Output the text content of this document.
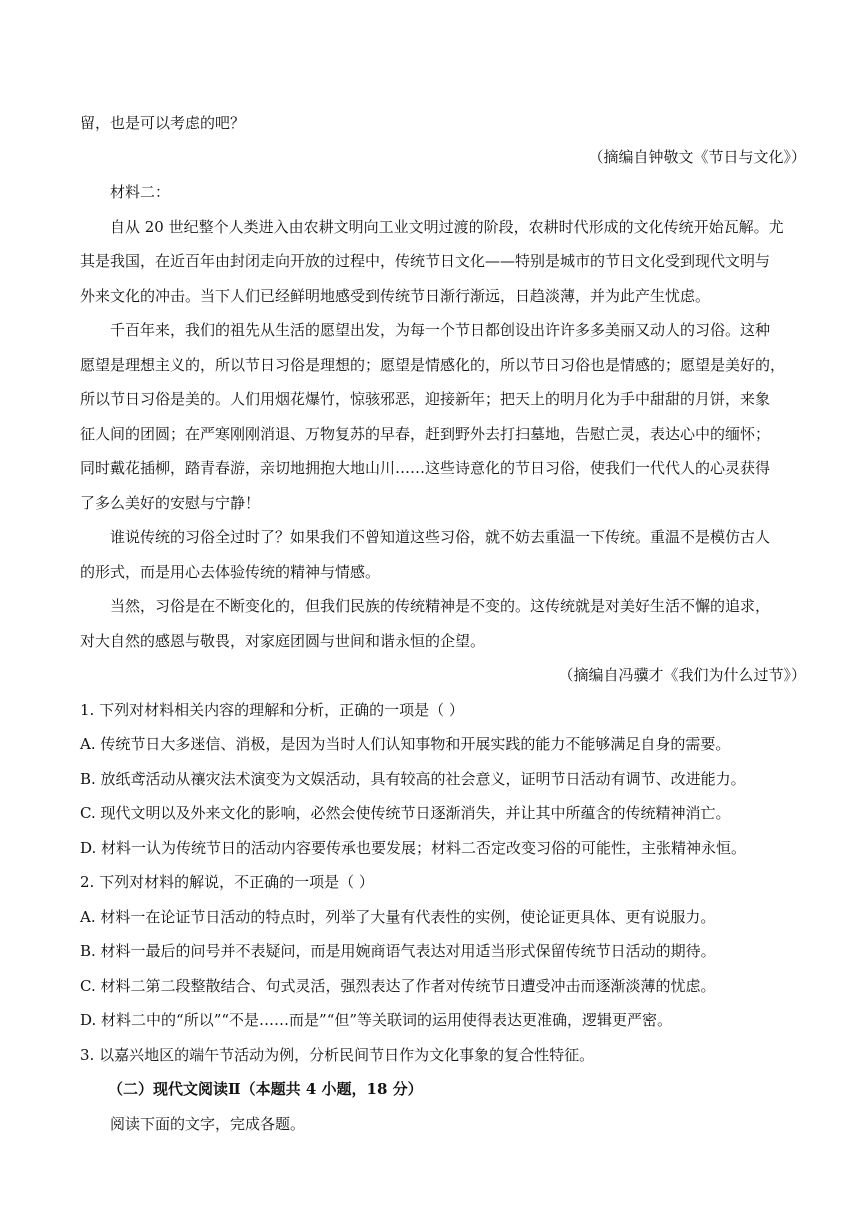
留，也是可以考虑的吧？
（摘编自钟敬文《节日与文化》）
材料二：
自从 20 世纪整个人类进入由农耕文明向工业文明过渡的阶段，农耕时代形成的文化传统开始瓦解。尤
其是我国，在近百年由封闭走向开放的过程中，传统节日文化——特别是城市的节日文化受到现代文明与
外来文化的冲击。当下人们已经鲜明地感受到传统节日渐行渐远，日趋淡薄，并为此产生忧虑。
千百年来，我们的祖先从生活的愿望出发，为每一个节日都创设出许许多多美丽又动人的习俗。这种
愿望是理想主义的，所以节日习俗是理想的；愿望是情感化的，所以节日习俗也是情感的；愿望是美好的，
所以节日习俗是美的。人们用烟花爆竹，惊骇邪恶，迎接新年；把天上的明月化为手中甜甜的月饼，来象
征人间的团圆；在严寒刚刚消退、万物复苏的早春，赶到野外去打扫墓地，告慰亡灵，表达心中的缅怀；
同时戴花插柳，踏青春游，亲切地拥抱大地山川……这些诗意化的节日习俗，使我们一代代人的心灵获得
了多么美好的安慰与宁静！
谁说传统的习俗全过时了？如果我们不曾知道这些习俗，就不妨去重温一下传统。重温不是模仿古人
的形式，而是用心去体验传统的精神与情感。
当然，习俗是在不断变化的，但我们民族的传统精神是不变的。这传统就是对美好生活不懈的追求，
对大自然的感恩与敬畏，对家庭团圆与世间和谐永恒的企望。
（摘编自冯骥才《我们为什么过节》）
1. 下列对材料相关内容的理解和分析，正确的一项是（ ）
A. 传统节日大多迷信、消极，是因为当时人们认知事物和开展实践的能力不能够满足自身的需要。
B. 放纸鸢活动从禳灾法术演变为文娱活动，具有较高的社会意义，证明节日活动有调节、改进能力。
C. 现代文明以及外来文化的影响，必然会使传统节日逐渐消失，并让其中所蕴含的传统精神消亡。
D. 材料一认为传统节日的活动内容要传承也要发展；材料二否定改变习俗的可能性，主张精神永恒。
2. 下列对材料的解说，不正确的一项是（ ）
A. 材料一在论证节日活动的特点时，列举了大量有代表性的实例，使论证更具体、更有说服力。
B. 材料一最后的问号并不表疑问，而是用婉商语气表达对用适当形式保留传统节日活动的期待。
C. 材料二第二段整散结合、句式灵活，强烈表达了作者对传统节日遭受冲击而逐渐淡薄的忧虑。
D. 材料二中的“所以”“不是……而是”“但”等关联词的运用使得表达更准确，逻辑更严密。
3. 以嘉兴地区的端午节活动为例，分析民间节日作为文化事象的复合性特征。
（二）现代文阅读Ⅱ（本题共 4 小题，18 分）
阅读下面的文字，完成各题。
